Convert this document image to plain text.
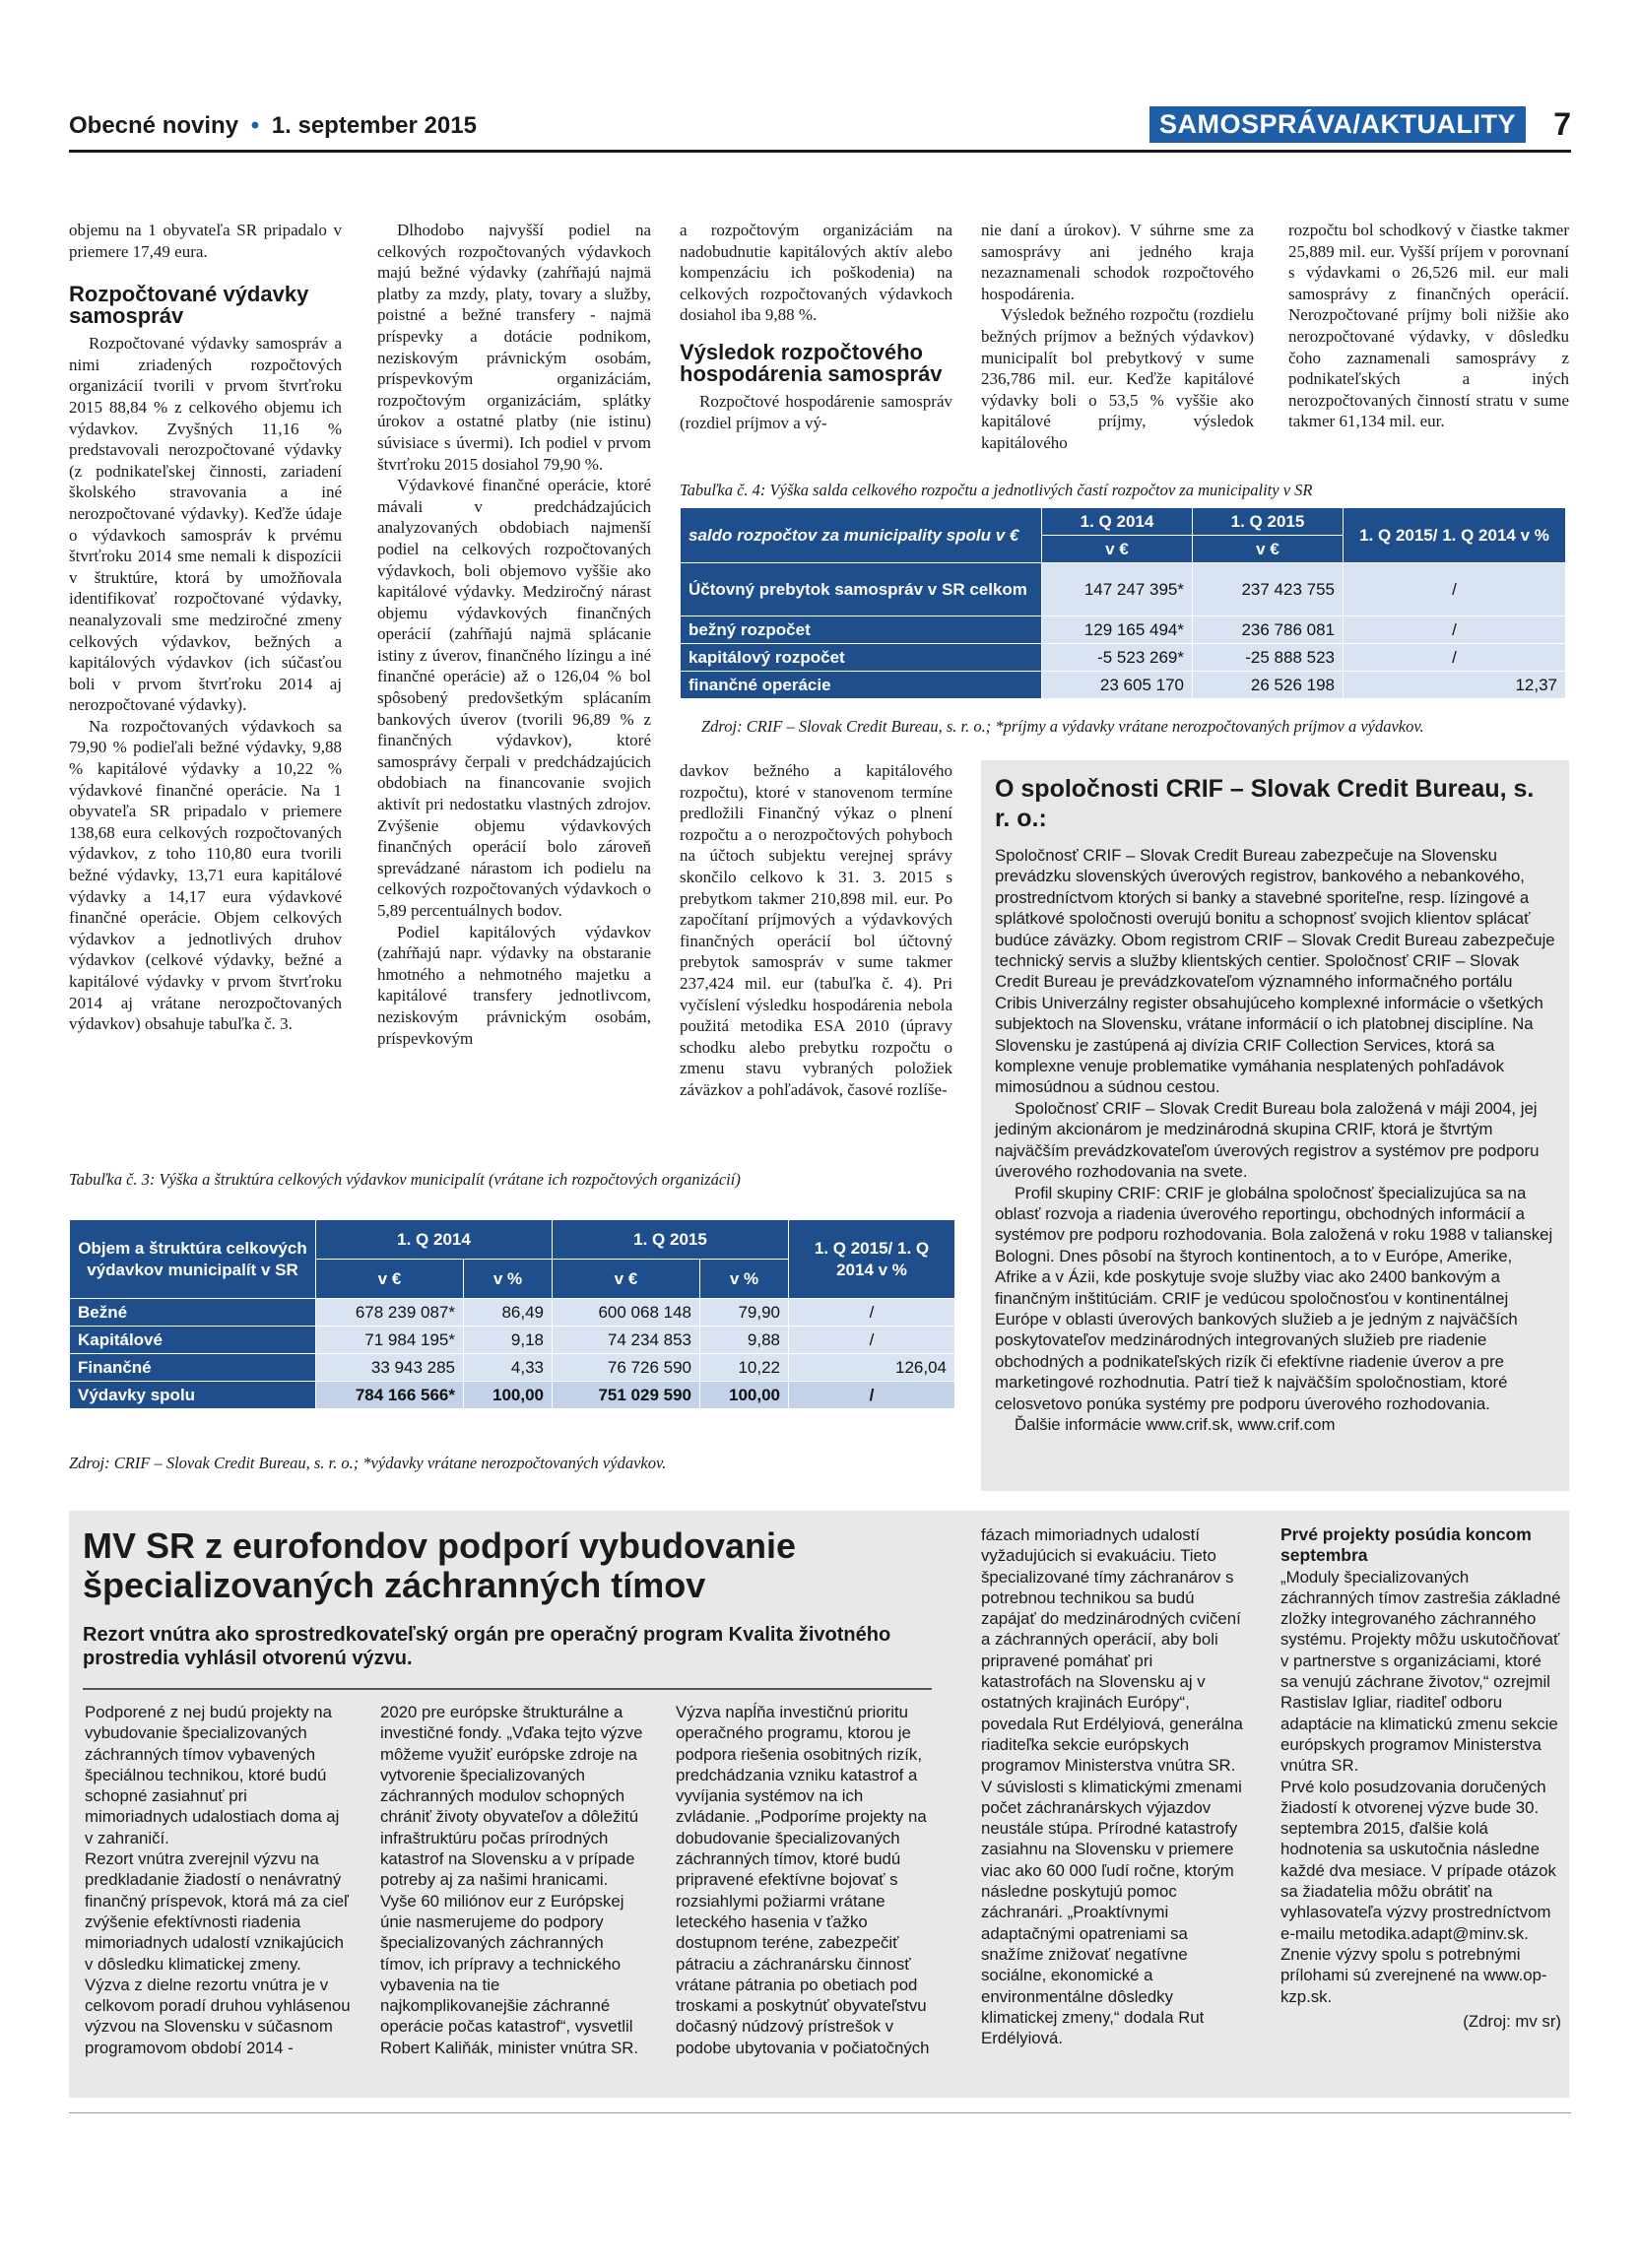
Obecné noviny • 1. september 2015	SAMOSPRÁVA/AKTUALITY	7

objemu na 1 obyvateľa SR pripadalo v priemere 17,49 eura.

Rozpočtované výdavky samospráv

Rozpočtované výdavky samospráv a nimi zriadených rozpočtových organizácií tvorili v prvom štvrťroku 2015 88,84 % z celkového objemu ich výdavkov. Zvyšných 11,16 % predstavovali nerozpočtované výdavky (z podnikateľskej činnosti, zariadení školského stravovania a iné nerozpočtované výdavky). Keďže údaje o výdavkoch samospráv k prvému štvrťroku 2014 sme nemali k dispozícii v štruktúre, ktorá by umožňovala identifikovať rozpočtované výdavky, neanalyzovali sme medziročné zmeny celkových výdavkov, bežných a kapitálových výdavkov (ich súčasťou boli v prvom štvrťroku 2014 aj nerozpočtované výdavky).

Na rozpočtovaných výdavkoch sa 79,90 % podieľali bežné výdavky, 9,88 % kapitálové výdavky a 10,22 % výdavkové finančné operácie. Na 1 obyvateľa SR pripadalo v priemere 138,68 eura celkových rozpočtovaných výdavkov, z toho 110,80 eura tvorili bežné výdavky, 13,71 eura kapitálové výdavky a 14,17 eura výdavkové finančné operácie. Objem celkových výdavkov a jednotlivých druhov výdavkov (celkové výdavky, bežné a kapitálové výdavky v prvom štvrťroku 2014 aj vrátane nerozpočtovaných výdavkov) obsahuje tabuľka č. 3.

Dlhodobo najvyšší podiel na celkových rozpočtovaných výdavkoch majú bežné výdavky (zahŕňajú najmä platby za mzdy, platy, tovary a služby, poistné a bežné transfery - najmä príspevky a dotácie podnikom, neziskovým právnickým osobám, príspevkovým organizáciám, rozpočtovým organizáciám, splátky úrokov a ostatné platby (nie istinu) súvisiace s úvermi). Ich podiel v prvom štvrťroku 2015 dosiahol 79,90 %.

Výdavkové finančné operácie, ktoré mávali v predchádzajúcich analyzovaných obdobiach najmenší podiel na celkových rozpočtovaných výdavkoch, boli objemovo vyššie ako kapitálové výdavky. Medziročný nárast objemu výdavkových finančných operácií (zahŕňajú najmä splácanie istiny z úverov, finančného lízingu a iné finančné operácie) až o 126,04 % bol spôsobený predovšetkým splácaním bankových úverov (tvorili 96,89 % z finančných výdavkov), ktoré samosprávy čerpali v predchádzajúcich obdobiach na financovanie svojich aktivít pri nedostatku vlastných zdrojov. Zvýšenie objemu výdavkových finančných operácií bolo zároveň sprevádzané nárastom ich podielu na celkových rozpočtovaných výdavkoch o 5,89 percentuálnych bodov.

Podiel kapitálových výdavkov (zahŕňajú napr. výdavky na obstaranie hmotného a nehmotného majetku a kapitálové transfery jednotlivcom, neziskovým právnickým osobám, príspevkovým

a rozpočtovým organizáciám na nadobudnutie kapitálových aktív alebo kompenzáciu ich poškodenia) na celkových rozpočtovaných výdavkoch dosiahol iba 9,88 %.

Výsledok rozpočtového hospodárenia samospráv

Rozpočtové hospodárenie samospráv (rozdiel príjmov a vý-

nie daní a úrokov). V súhrne sme za samosprávy ani jedného kraja nezaznamenali schodok rozpočtového hospodárenia.

Výsledok bežného rozpočtu (rozdielu bežných príjmov a bežných výdavkov) municipalít bol prebytkový v sume 236,786 mil. eur. Keďže kapitálové výdavky boli o 53,5 % vyššie ako kapitálové príjmy, výsledok kapitálového

rozpočtu bol schodkový v čiastke takmer 25,889 mil. eur. Vyšší príjem v porovnaní s výdavkami o 26,526 mil. eur mali samosprávy z finančných operácií. Nerozpočtované príjmy boli nižšie ako nerozpočtované výdavky, v dôsledku čoho zaznamenali samosprávy z podnikateľských a iných nerozpočtovaných činností stratu v sume takmer 61,134 mil. eur.

Tabuľka č. 4: Výška salda celkového rozpočtu a jednotlivých častí rozpočtov za municipality v SR
saldo rozpočtov za municipality spolu v €	1. Q 2014	1. Q 2015	1. Q 2015/ 1. Q 2014 v %
	v €	v €	
Účtovný prebytok samospráv v SR celkom	147 247 395*	237 423 755	/
bežný rozpočet	129 165 494*	236 786 081	/
kapitálový rozpočet	-5 523 269*	-25 888 523	/
finančné operácie	23 605 170	26 526 198	12,37
Zdroj: CRIF – Slovak Credit Bureau, s. r. o.; *príjmy a výdavky vrátane nerozpočtovaných príjmov a výdavkov.

davkov bežného a kapitálového rozpočtu), ktoré v stanovenom termíne predložili Finančný výkaz o plnení rozpočtu a o nerozpočtových pohyboch na účtoch subjektu verejnej správy skončilo celkovo k 31. 3. 2015 s prebytkom takmer 210,898 mil. eur. Po započítaní príjmových a výdavkových finančných operácií bol účtovný prebytok samospráv v sume takmer 237,424 mil. eur (tabuľka č. 4). Pri vyčíslení výsledku hospodárenia nebola použitá metodika ESA 2010 (úpravy schodku alebo prebytku rozpočtu o zmenu stavu vybraných položiek záväzkov a pohľadávok, časové rozlíše-

O spoločnosti CRIF – Slovak Credit Bureau, s. r. o.:

Spoločnosť CRIF – Slovak Credit Bureau zabezpečuje na Slovensku prevádzku slovenských úverových registrov, bankového a nebankového, prostredníctvom ktorých si banky a stavebné sporiteľne, resp. lízingové a splátkové spoločnosti overujú bonitu a schopnosť svojich klientov splácať budúce záväzky. Obom registrom CRIF – Slovak Credit Bureau zabezpečuje technický servis a služby klientských centier. Spoločnosť CRIF – Slovak Credit Bureau je prevádzkovateľom významného informačného portálu Cribis Univerzálny register obsahujúceho komplexné informácie o všetkých subjektoch na Slovensku, vrátane informácií o ich platobnej disciplíne. Na Slovensku je zastúpená aj divízia CRIF Collection Services, ktorá sa komplexne venuje problematike vymáhania nesplatených pohľadávok mimosúdnou a súdnou cestou.

Spoločnosť CRIF – Slovak Credit Bureau bola založená v máji 2004, jej jediným akcionárom je medzinárodná skupina CRIF, ktorá je štvrtým najväčším prevádzkovateľom úverových registrov a systémov pre podporu úverového rozhodovania na svete.

Profil skupiny CRIF: CRIF je globálna spoločnosť špecializujúca sa na oblasť rozvoja a riadenia úverového reportingu, obchodných informácií a systémov pre podporu rozhodovania. Bola založená v roku 1988 v talianskej Bologni. Dnes pôsobí na štyroch kontinentoch, a to v Európe, Amerike, Afrike a v Ázii, kde poskytuje svoje služby viac ako 2400 bankovým a finančným inštitúciám. CRIF je vedúcou spoločnosťou v kontinentálnej Európe v oblasti úverových bankových služieb a je jedným z najväčších poskytovateľov medzinárodných integrovaných služieb pre riadenie obchodných a podnikateľských rizík či efektívne riadenie úverov a pre marketingové rozhodnutia. Patrí tiež k najväčším spoločnostiam, ktoré celosvetovo ponúka systémy pre podporu úverového rozhodovania.

Ďalšie informácie www.crif.sk, www.crif.com

Tabuľka č. 3: Výška a štruktúra celkových výdavkov municipalít (vrátane ich rozpočtových organizácií)
Objem a štruktúra celkových výdavkov municipalít v SR	1. Q 2014		1. Q 2015		1. Q 2015/ 1. Q 2014 v %
	v €	v %	v €	v %	
Bežné	678 239 087*	86,49	600 068 148	79,90	/
Kapitálové	71 984 195*	9,18	74 234 853	9,88	/
Finančné	33 943 285	4,33	76 726 590	10,22	126,04
Výdavky spolu	784 166 566*	100,00	751 029 590	100,00	/
Zdroj: CRIF – Slovak Credit Bureau, s. r. o.; *výdavky vrátane nerozpočtovaných výdavkov.
MV SR z eurofondov podporí vybudovanie špecializovaných záchranných tímov
Rezort vnútra ako sprostredkovateľský orgán pre operačný program Kvalita životného prostredia vyhlásil otvorenú výzvu.

Podporené z nej budú projekty na vybudovanie špecializovaných záchranných tímov vybavených špeciálnou technikou, ktoré budú schopné zasiahnuť pri mimoriadnych udalostiach doma aj v zahraničí.

Rezort vnútra zverejnil výzvu na predkladanie žiadostí o nenávratný finančný príspevok, ktorá má za cieľ zvýšenie efektívnosti riadenia mimoriadnych udalostí vznikajúcich v dôsledku klimatickej zmeny. Výzva z dielne rezortu vnútra je v celkovom poradí druhou vyhlásenou výzvou na Slovensku v súčasnom programovom období 2014 -

2020 pre európske štrukturálne a investičné fondy. „Vďaka tejto výzve môžeme využiť európske zdroje na vytvorenie špecializovaných záchranných modulov schopných chrániť životy obyvateľov a dôležitú infraštruktúru počas prírodných katastrof na Slovensku a v prípade potreby aj za našimi hranicami. Vyše 60 miliónov eur z Európskej únie nasmerujeme do podpory špecializovaných záchranných tímov, ich prípravy a technického vybavenia na tie najkomplikovanejšie záchranné operácie počas katastrof“, vysvetlil Robert Kaliňák, minister vnútra SR.

Výzva napĺňa investičnú prioritu operačného programu, ktorou je podpora riešenia osobitných rizík, predchádzania vzniku katastrof a vyvíjania systémov na ich zvládanie. „Podporíme projekty na dobudovanie špecializovaných záchranných tímov, ktoré budú pripravené efektívne bojovať s rozsiahlymi požiarmi vrátane leteckého hasenia v ťažko dostupnom teréne, zabezpečiť pátraciu a záchranársku činnosť vrátane pátrania po obetiach pod troskami a poskytnúť obyvateľstvu dočasný núdzový prístrešok v podobe ubytovania v počiatočných

fázach mimoriadnych udalostí vyžadujúcich si evakuáciu. Tieto špecializované tímy záchranárov s potrebnou technikou sa budú zapájať do medzinárodných cvičení a záchranných operácií, aby boli pripravené pomáhať pri katastrofách na Slovensku aj v ostatných krajinách Európy“, povedala Rut Erdélyiová, generálna riaditeľka sekcie európskych programov Ministerstva vnútra SR. V súvislosti s klimatickými zmenami počet záchranárskych výjazdov neustále stúpa. Prírodné katastrofy zasiahnu na Slovensku v priemere viac ako 60 000 ľudí ročne, ktorým následne poskytujú pomoc záchranári. „Proaktívnymi adaptačnými opatreniami sa snažíme znižovať negatívne sociálne, ekonomické a environmentálne dôsledky klimatickej zmeny,“ dodala Rut Erdélyiová.

Prvé projekty posúdia koncom septembra

„Moduly špecializovaných záchranných tímov zastrešia základné zložky integrovaného záchranného systému. Projekty môžu uskutočňovať v partnerstve s organizáciami, ktoré sa venujú záchrane životov,“ ozrejmil Rastislav Igliar, riaditeľ odboru adaptácie na klimatickú zmenu sekcie európskych programov Ministerstva vnútra SR.

Prvé kolo posudzovania doručených žiadostí k otvorenej výzve bude 30. septembra 2015, ďalšie kolá hodnotenia sa uskutočnia následne každé dva mesiace. V prípade otázok sa žiadatelia môžu obrátiť na vyhlasovateľa výzvy prostredníctvom e-mailu metodika.adapt@minv.sk. Znenie výzvy spolu s potrebnými prílohami sú zverejnené na www.op-kzp.sk.

(Zdroj: mv sr)
